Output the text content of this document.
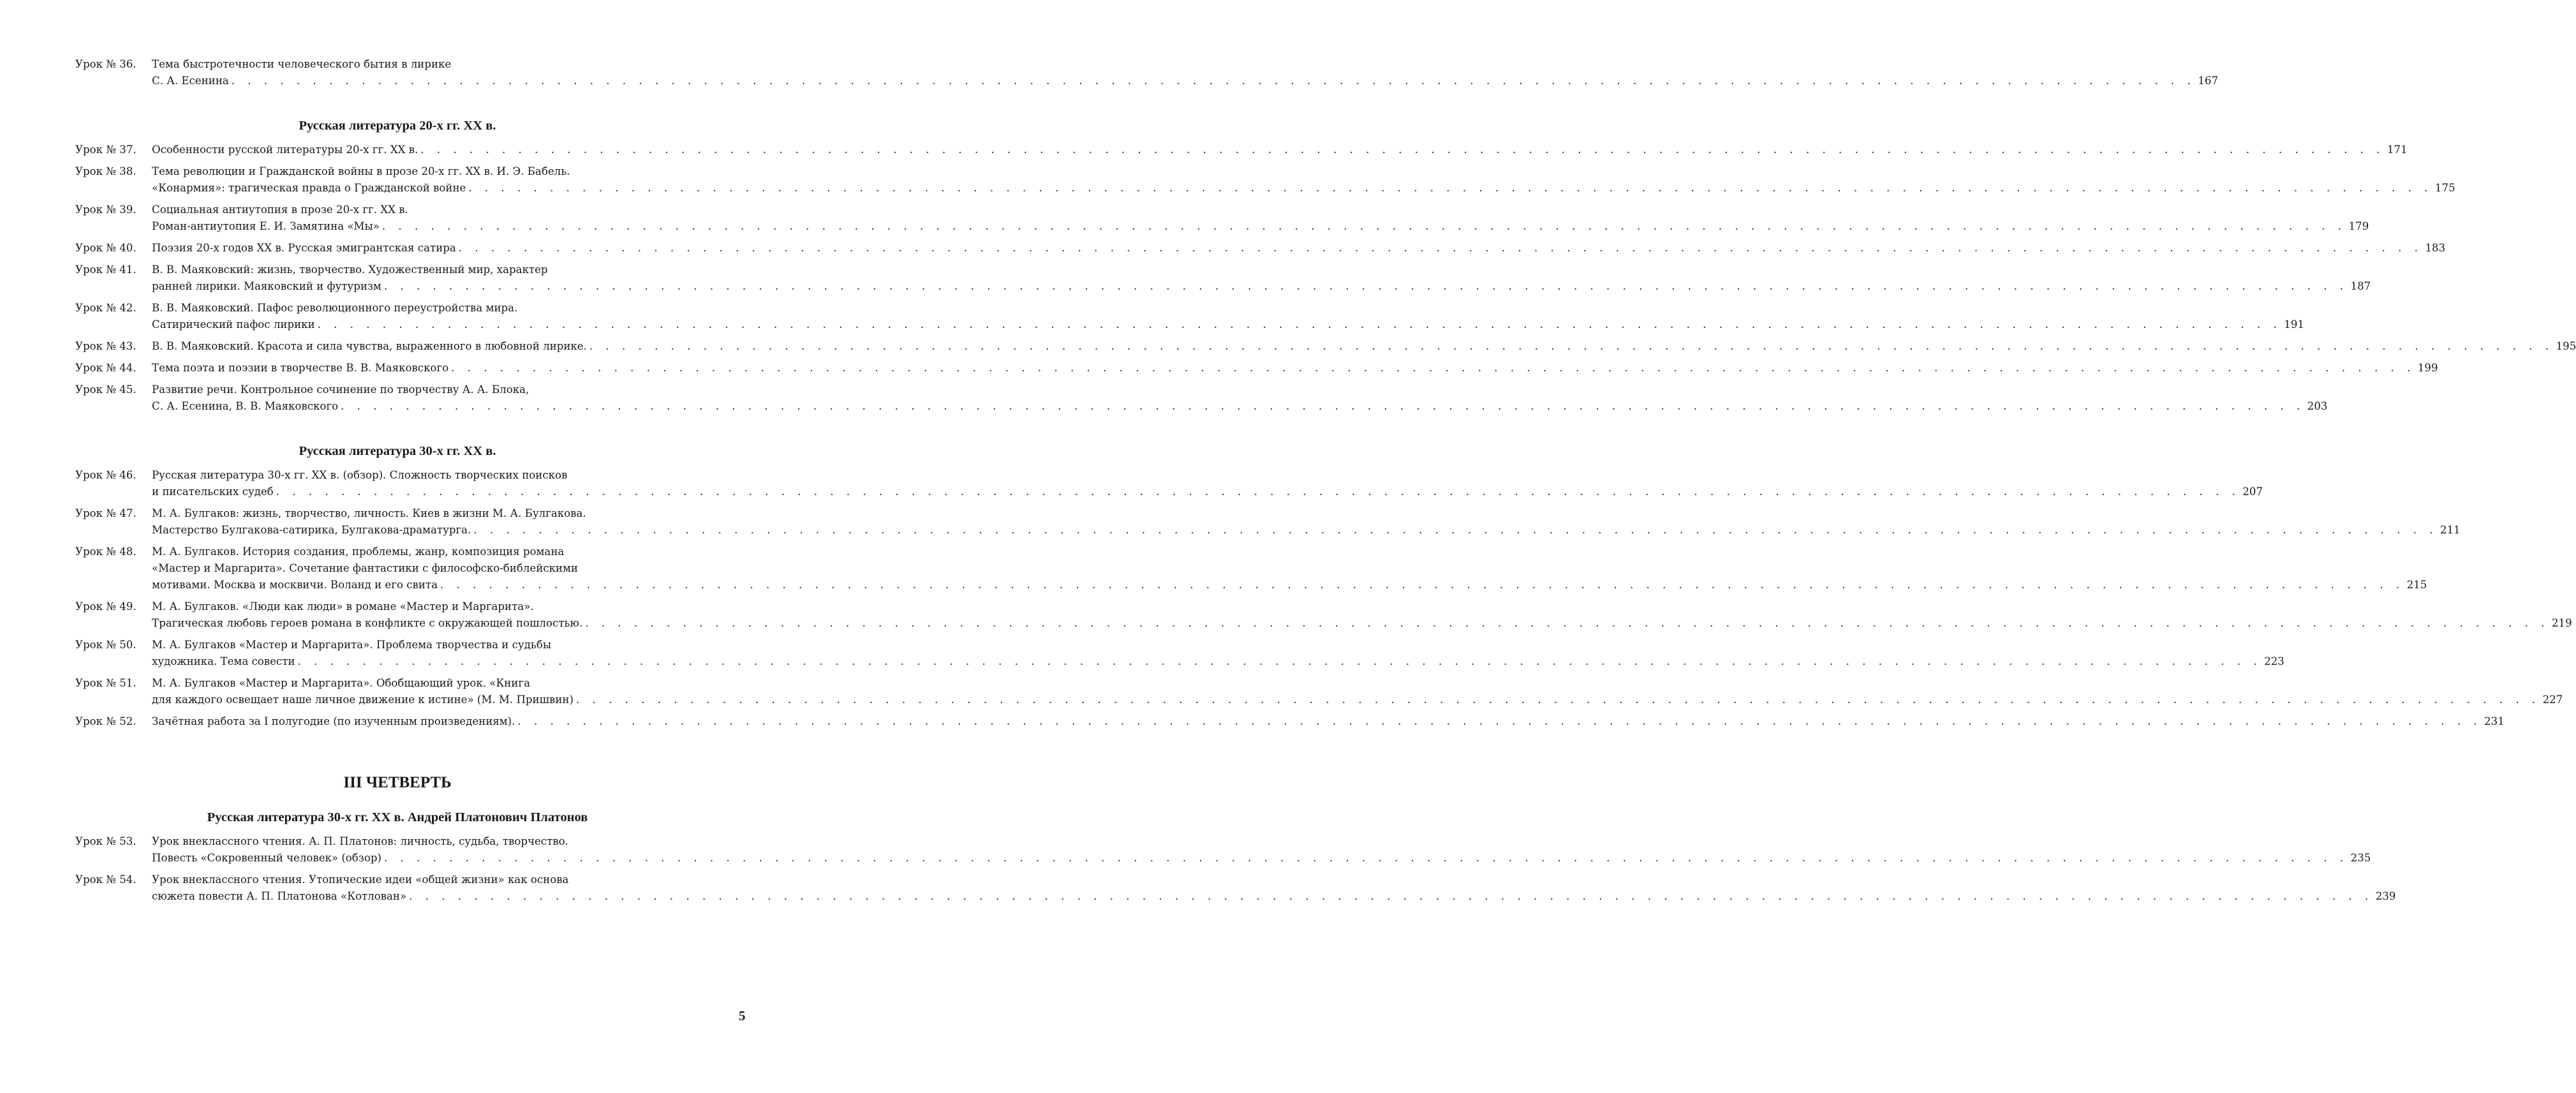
Урок № 36.	Тема быстротечности человеческого бытия в лирике
С. А. Есенина . . .	167
Русская литература 20-х гг. XX в.
Урок № 37.	Особенности русской литературы 20-х гг. XX в. . . .	171
Урок № 38.	Тема революции и Гражданской войны в прозе 20-х гг. XX в. И. Э. Бабель.
«Конармия»: трагическая правда о Гражданской войне . . .	175
Урок № 39.	Социальная антиутопия в прозе 20-х гг. XX в.
Роман-антиутопия Е. И. Замятина «Мы» . . .	179
Урок № 40.	Поэзия 20-х годов XX в. Русская эмигрантская сатира . . .	183
Урок № 41.	В. В. Маяковский: жизнь, творчество. Художественный мир, характер
ранней лирики. Маяковский и футуризм . . .	187
Урок № 42.	В. В. Маяковский. Пафос революционного переустройства мира.
Сатирический пафос лирики . . .	191
Урок № 43.	В. В. Маяковский. Красота и сила чувства, выраженного в любовной лирике. . . .	195
Урок № 44.	Тема поэта и поэзии в творчестве В. В. Маяковского . . .	199
Урок № 45.	Развитие речи. Контрольное сочинение по творчеству А. А. Блока,
С. А. Есенина, В. В. Маяковского . . .	203
Русская литература 30-х гг. XX в.
Урок № 46.	Русская литература 30-х гг. XX в. (обзор). Сложность творческих поисков
и писательских судеб . . .	207
Урок № 47.	М. А. Булгаков: жизнь, творчество, личность. Киев в жизни М. А. Булгакова.
Мастерство Булгакова-сатирика, Булгакова-драматурга. . . .	211
Урок № 48.	М. А. Булгаков. История создания, проблемы, жанр, композиция романа
«Мастер и Маргарита». Сочетание фантастики с философско-библейскими
мотивами. Москва и москвичи. Воланд и его свита . . .	215
Урок № 49.	М. А. Булгаков. «Люди как люди» в романе «Мастер и Маргарита».
Трагическая любовь героев романа в конфликте с окружающей пошлостью. . . .	219
Урок № 50.	М. А. Булгаков «Мастер и Маргарита». Проблема творчества и судьбы
художника. Тема совести . . .	223
Урок № 51.	М. А. Булгаков «Мастер и Маргарита». Обобщающий урок. «Книга
для каждого освещает наше личное движение к истине» (М. М. Пришвин) . . .	227
Урок № 52.	Зачётная работа за I полугодие (по изученным произведениям). . . .	231
III ЧЕТВЕРТЬ
Русская литература 30-х гг. XX в. Андрей Платонович Платонов
Урок № 53.	Урок внеклассного чтения. А. П. Платонов: личность, судьба, творчество.
Повесть «Сокровенный человек» (обзор) . . .	235
Урок № 54.	Урок внеклассного чтения. Утопические идеи «общей жизни» как основа
сюжета повести А. П. Платонова «Котлован» . . .	239
5
